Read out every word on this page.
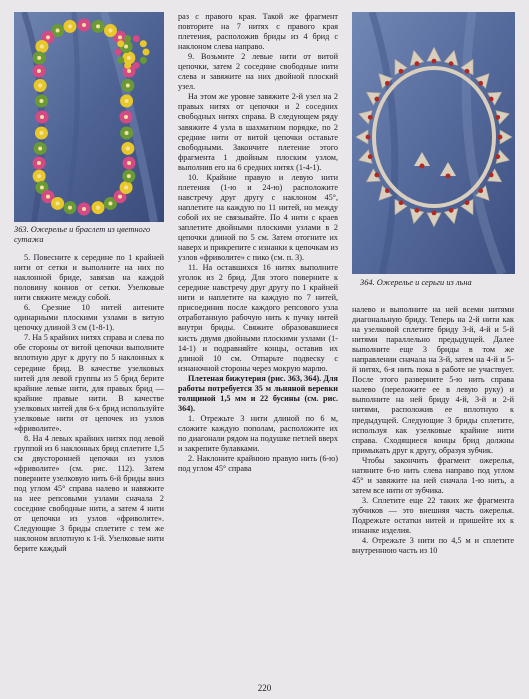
363. Ожерелье и браслет из цветного сутажа
364. Ожерелье и серьги из льна

5. Повесните к середине по 1 крайней нити от сетки и выполните на них по наклонной бриде, завязав на каждой половину коннов от сетки. Узелковые нити свяжите между собой.

6. Срезние 10 нитей антените одинарными плоскими узлами в витую цепочку длиной 3 см (1-8-1).

7. На 5 крайних нитях справа и слева по обе стороны от витой цепочки выполните вплотную друг к другу по 5 наклонных к середине брид. В качестве узелковых нитей для левой группы из 5 брид берите крайние левые нити, для правых брид — крайние правые нити. В качестве узелковых нитей для 6-х брид используйте узелковые нити от цепочек из узлов «фриволите».

8. На 4 левых крайних нитях под левой группой из 6 наклонных брид сплетите 1,5 см двусторонней цепочки из узлов «фриволите» (см. рис. 112). Затем поверните узелковую нить 6-й бриды вниз под углом 45° справа налево и навяжите на нее репсовыми узлами сначала 2 соседние свободные нити, а затем 4 нити от цепочки из узлов «фриволите». Следующие 3 бриды сплетите с тем же наклоном вплотную к 1-й. Узелковые нити берите каждый

раз с правого края. Такой же фрагмент повторите на 7 нитях с правого края плетения, расположив бриды из 4 брид с наклоном слева направо.

9. Возьмите 2 левые нити от витой цепочки, затем 2 соседние свободные нити слева и завяжите на них двойной плоский узел.

На этом же уровне завяжите 2-й узел на 2 правых нитях от цепочки и 2 соседних свободных нитях справа. В следующем ряду завяжите 4 узла в шахматном порядке, по 2 средние нити от витой цепочки оставьте свободными. Закончите плетение этого фрагмента 1 двойным плоским узлом, выполнив его на 6 средних нитях (1-4-1).

10. Крайние правую и левую нити плетения (1-ю и 24-ю) расположите навстречу друг другу с наклоном 45°, наплетите на каждую по 11 нитей, но между собой их не связывайте. По 4 нити с краев заплетите двойными плоскими узлами в 2 цепочки длиной по 5 см. Затем отогните их наверх и прикрепите с изнанки к цепочкам из узлов «фриволите» с пико (см. п. 3).

11. На оставшихся 16 нитях выполните уголок из 2 брид. Для этого поверните к середине навстречу друг другу по 1 крайней нити и наплетите на каждую по 7 нитей, присоединив после каждого репсового узла отработанную рабочую нить к пучку нитей внутри бриды. Свяжите образовавшиеся кисть двумя двойными плоскими узлами (1-14-1) и подравняйте концы, оставив их длиной 10 см. Отпарьте подвеску с изнаночной стороны через мокрую марлю.

Плетеная бижутерия (рис. 363, 364). Для работы потребуется 35 м льняной веревки толщиной 1,5 мм и 22 бусины (см. рис. 364).

1. Отрежьте 3 нити длиной по 6 м, сложите каждую пополам, расположите их по диагонали рядом на подушке петлей вверх и закрепите булавками.

2. Наклоните крайнюю правую нить (6-ю) под углом 45° справа

налево и выполните на ней всеми нитями диагональную бриду. Теперь на 2-й нити как на узелковой сплетите бриду 3-й, 4-й и 5-й нитями параллельно предыдущей. Далее выполните еще 3 бриды в том же направлении сначала на 3-й, затем на 4-й и 5-й нитях, 6-я нить пока в работе не участвует. После этого разверните 5-ю нить справа налево (переложите ее в левую руку) и выполните на ней бриду 4-й, 3-й и 2-й нитями, расположив ее вплотную к предыдущей. Следующие 3 бриды сплетите, используя как узелковые крайние нити справа. Сходящиеся концы брид должны примыкать друг к другу, образуя зубчик.

Чтобы закончить фрагмент ожерелья, натяните 6-ю нить слева направо под углом 45° и завяжите на ней сначала 1-ю нить, а затем все нити от зубчика.

3. Сплетите еще 22 таких же фрагмента зубчиков — это внешняя часть ожерелья. Подрежьте остатки нитей и пришейте их к изнанке изделия.

4. Отрежьте 3 нити по 4,5 м и сплетите внутреннюю часть из 10

220
